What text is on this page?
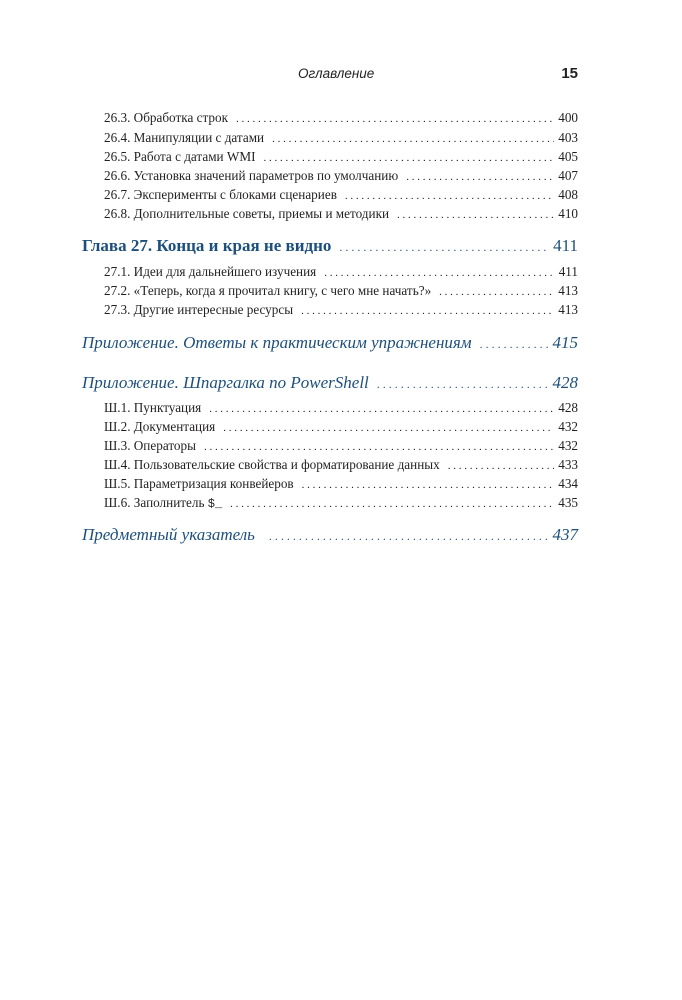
Оглавление	15
26.3. Обработка строк . . .	400
26.4. Манипуляции с датами . . .	403
26.5. Работа с датами WMI . . .	405
26.6. Установка значений параметров по умолчанию . . .	407
26.7. Эксперименты с блоками сценариев . . .	408
26.8. Дополнительные советы, приемы и методики . . .	410
Глава 27. Конца и края не видно . . .	411
27.1. Идеи для дальнейшего изучения . . .	411
27.2. «Теперь, когда я прочитал книгу, с чего мне начать?» . . .	413
27.3. Другие интересные ресурсы . . .	413
Приложение. Ответы к практическим упражнениям . . .	415
Приложение. Шпаргалка по PowerShell . . .	428
Ш.1. Пунктуация . . .	428
Ш.2. Документация . . .	432
Ш.3. Операторы . . .	432
Ш.4. Пользовательские свойства и форматирование данных . . .	433
Ш.5. Параметризация конвейеров . . .	434
Ш.6. Заполнитель $_ . . .	435
Предметный указатель . . .	437
